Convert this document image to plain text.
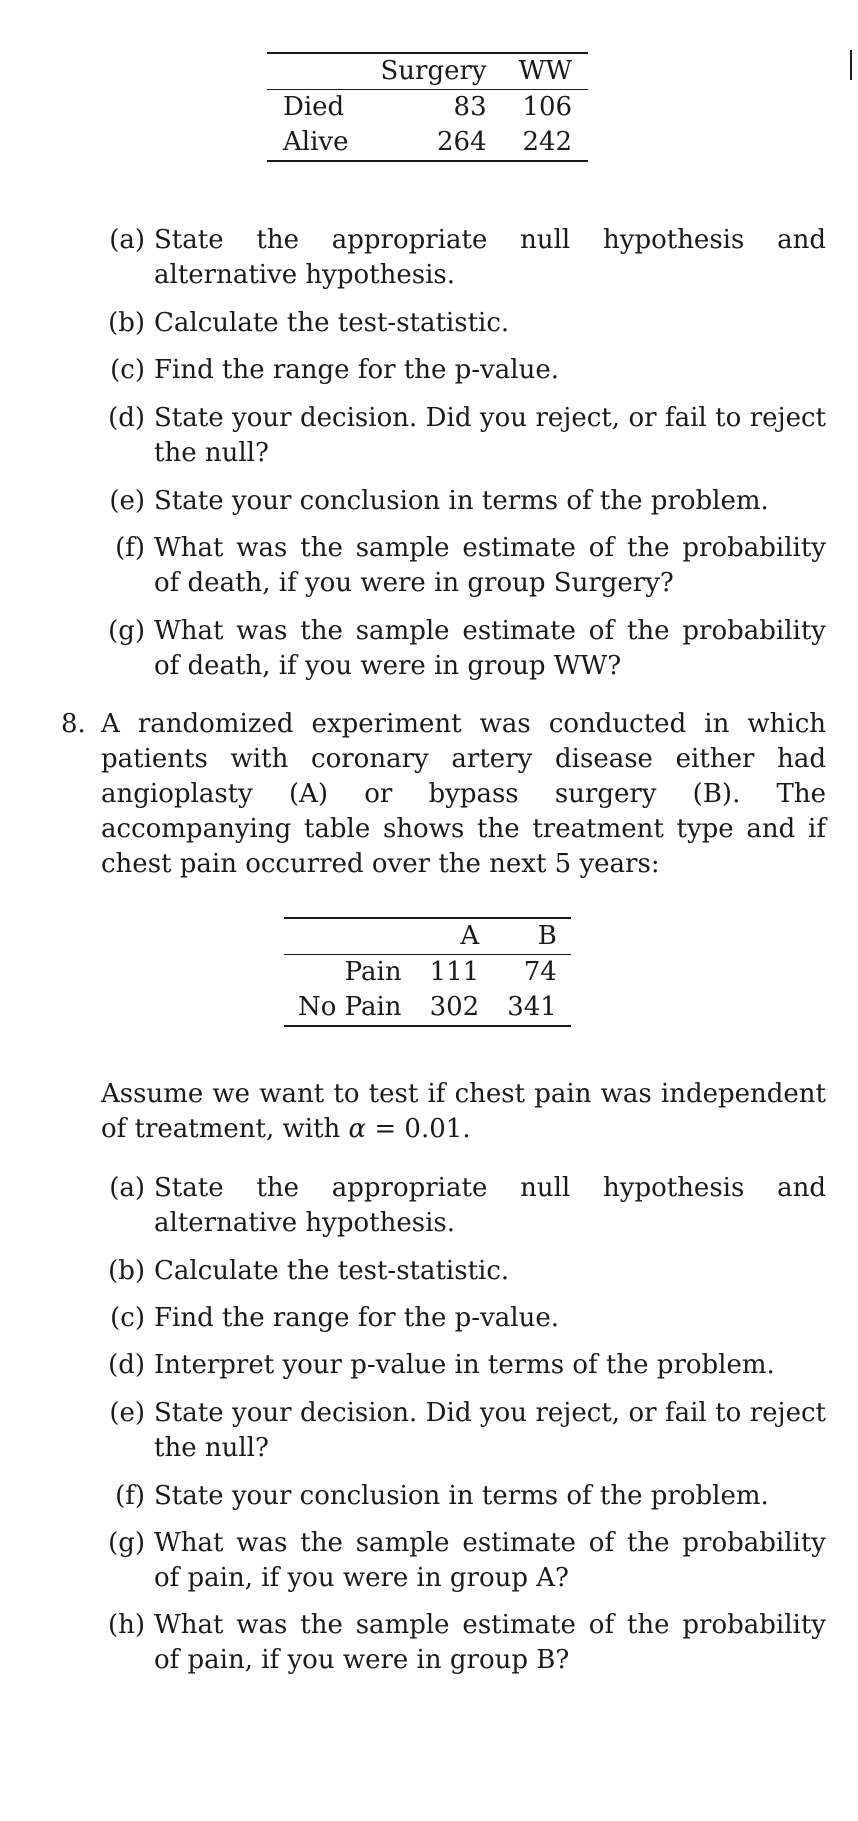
	Surgery	WW
Died	83	106
Alive	264	242
(a) State the appropriate null hypothesis and alternative hypothesis.
(b) Calculate the test-statistic.
(c) Find the range for the p-value.
(d) State your decision. Did you reject, or fail to reject the null?
(e) State your conclusion in terms of the problem.
(f) What was the sample estimate of the probability of death, if you were in group Surgery?
(g) What was the sample estimate of the probability of death, if you were in group WW?
8. A randomized experiment was conducted in which patients with coronary artery disease either had angioplasty (A) or bypass surgery (B). The accompanying table shows the treatment type and if chest pain occurred over the next 5 years:
	A	B
Pain	111	74
No Pain	302	341
Assume we want to test if chest pain was independent of treatment, with α = 0.01.
(a) State the appropriate null hypothesis and alternative hypothesis.
(b) Calculate the test-statistic.
(c) Find the range for the p-value.
(d) Interpret your p-value in terms of the problem.
(e) State your decision. Did you reject, or fail to reject the null?
(f) State your conclusion in terms of the problem.
(g) What was the sample estimate of the probability of pain, if you were in group A?
(h) What was the sample estimate of the probability of pain, if you were in group B?
